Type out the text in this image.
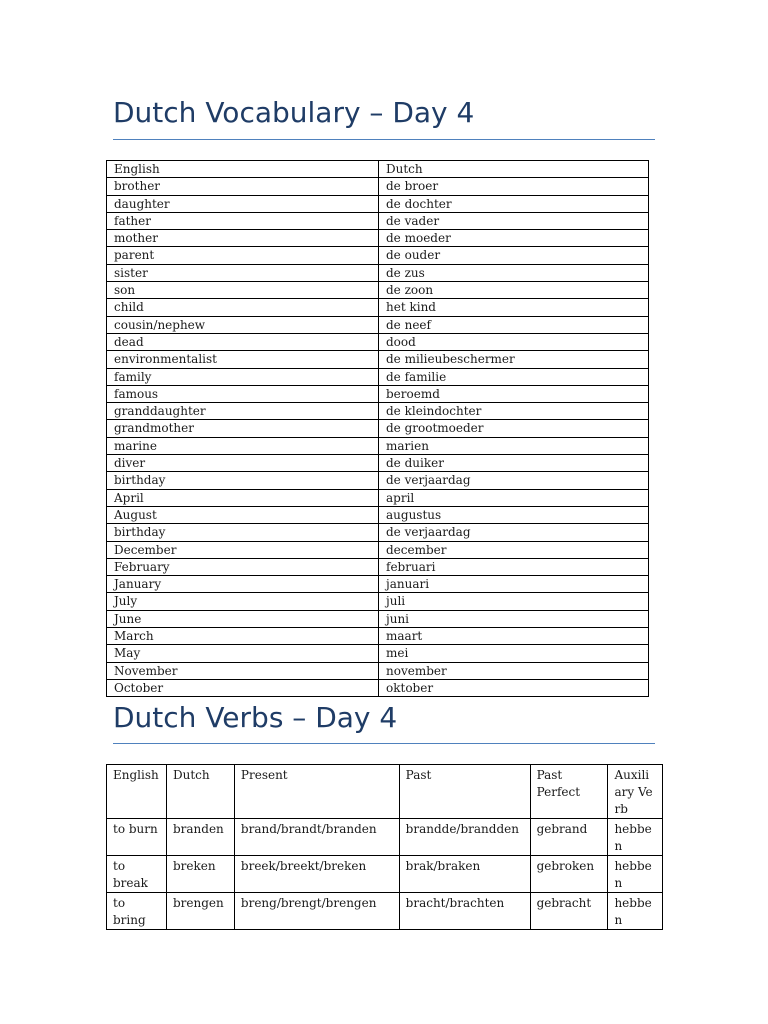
Dutch Vocabulary – Day 4
English	Dutch
brother	de broer
daughter	de dochter
father	de vader
mother	de moeder
parent	de ouder
sister	de zus
son	de zoon
child	het kind
cousin/nephew	de neef
dead	dood
environmentalist	de milieubeschermer
family	de familie
famous	beroemd
granddaughter	de kleindochter
grandmother	de grootmoeder
marine	marien
diver	de duiker
birthday	de verjaardag
April	april
August	augustus
birthday	de verjaardag
December	december
February	februari
January	januari
July	juli
June	juni
March	maart
May	mei
November	november
October	oktober
Dutch Verbs – Day 4
English	Dutch	Present	Past	Past Perfect	Auxiliary Verb
to burn	branden	brand/brandt/branden	brandde/brandden	gebrand	hebben
to break	breken	breek/breekt/breken	brak/braken	gebroken	hebben
to bring	brengen	breng/brengt/brengen	bracht/brachten	gebracht	hebben
